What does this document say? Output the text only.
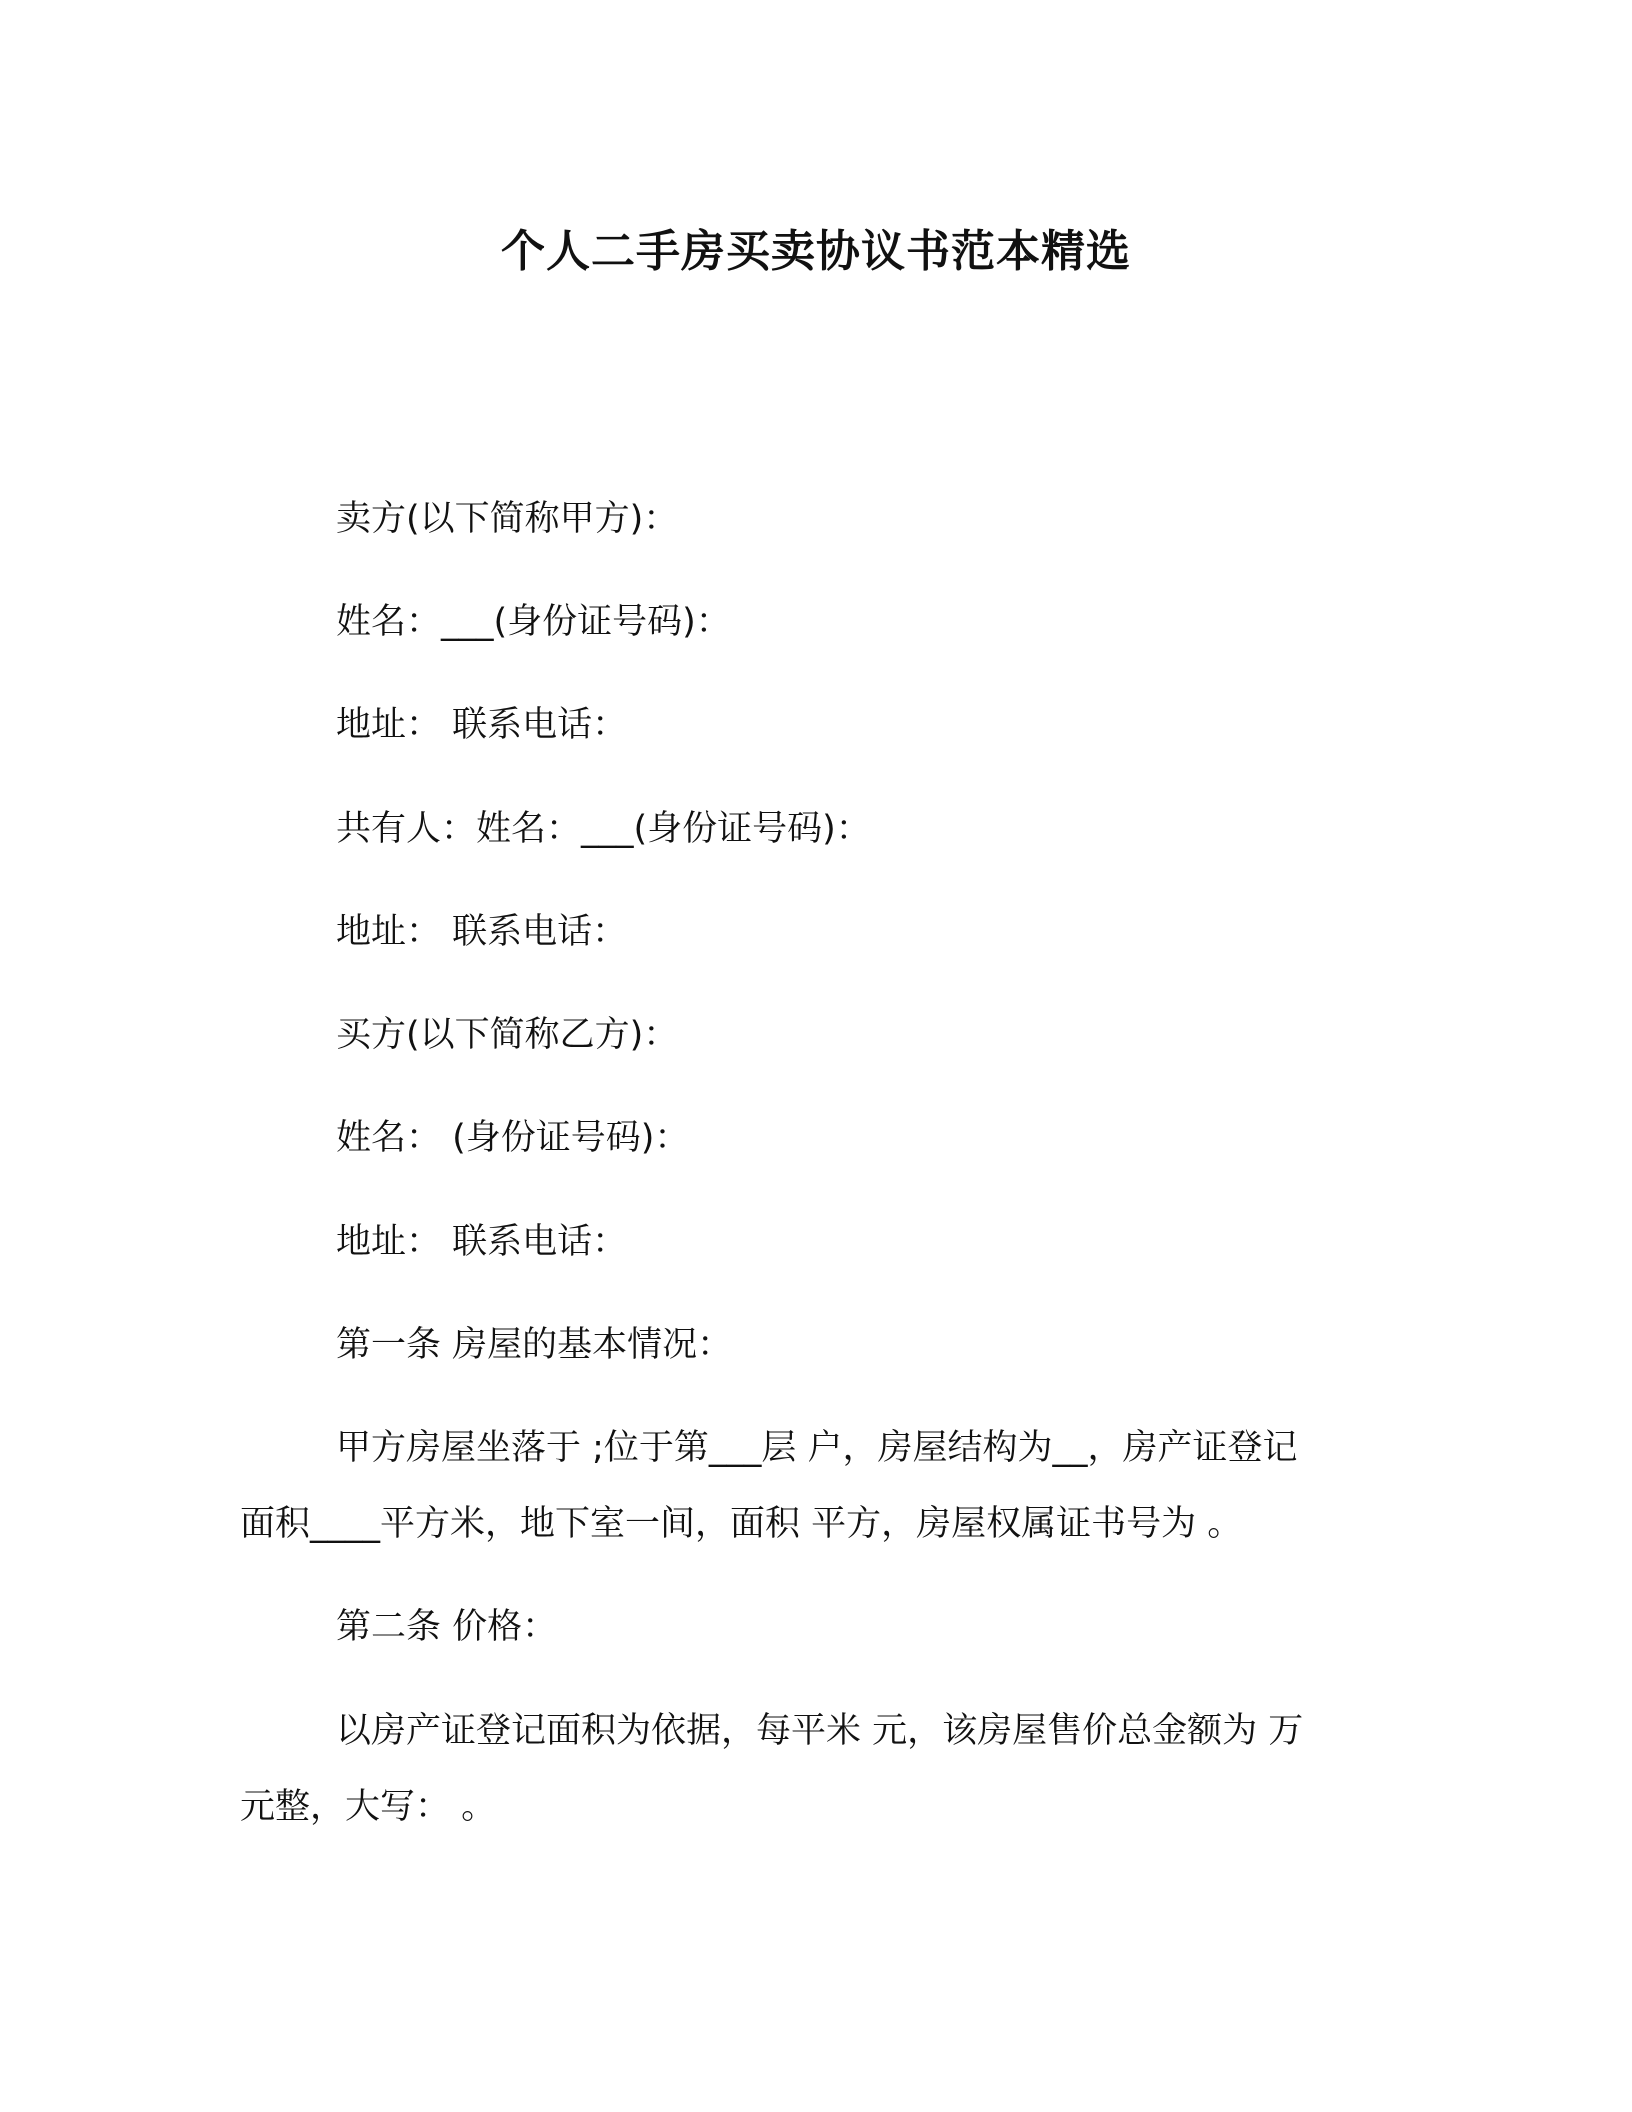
个人二手房买卖协议书范本精选
卖方(以下简称甲方)：
姓名：___(身份证号码)：
地址： 联系电话：
共有人：姓名：___(身份证号码)：
地址： 联系电话：
买方(以下简称乙方)：
姓名： (身份证号码)：
地址： 联系电话：
第一条 房屋的基本情况：
甲方房屋坐落于 ;位于第___层 户，房屋结构为__，房产证登记
面积____平方米，地下室一间，面积 平方，房屋权属证书号为 。
第二条 价格：
以房产证登记面积为依据，每平米 元，该房屋售价总金额为 万
元整，大写： 。
